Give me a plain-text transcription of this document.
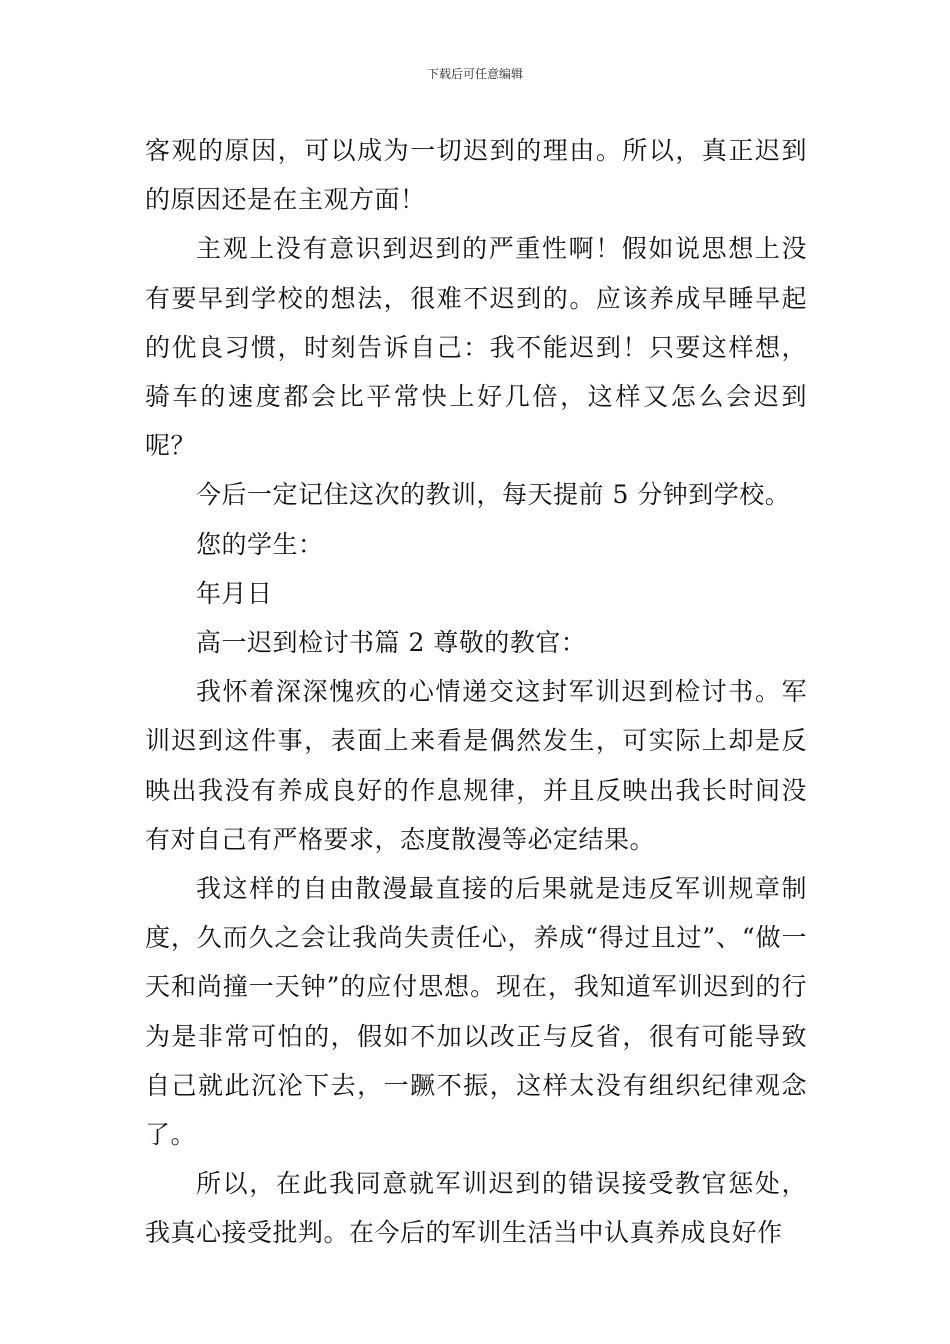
下载后可任意编辑

客观的原因，可以成为一切迟到的理由。所以，真正迟到的原因还是在主观方面！

主观上没有意识到迟到的严重性啊！假如说思想上没有要早到学校的想法，很难不迟到的。应该养成早睡早起的优良习惯，时刻告诉自己：我不能迟到！只要这样想，骑车的速度都会比平常快上好几倍，这样又怎么会迟到呢？

今后一定记住这次的教训，每天提前 5 分钟到学校。

您的学生：

年月日

高一迟到检讨书篇 2 尊敬的教官：

我怀着深深愧疚的心情递交这封军训迟到检讨书。军训迟到这件事，表面上来看是偶然发生，可实际上却是反映出我没有养成良好的作息规律，并且反映出我长时间没有对自己有严格要求，态度散漫等必定结果。

我这样的自由散漫最直接的后果就是违反军训规章制度，久而久之会让我尚失责任心，养成“得过且过”、“做一天和尚撞一天钟”的应付思想。现在，我知道军训迟到的行为是非常可怕的，假如不加以改正与反省，很有可能导致自己就此沉沦下去，一蹶不振，这样太没有组织纪律观念了。

所以，在此我同意就军训迟到的错误接受教官惩处，我真心接受批判。在今后的军训生活当中认真养成良好作
